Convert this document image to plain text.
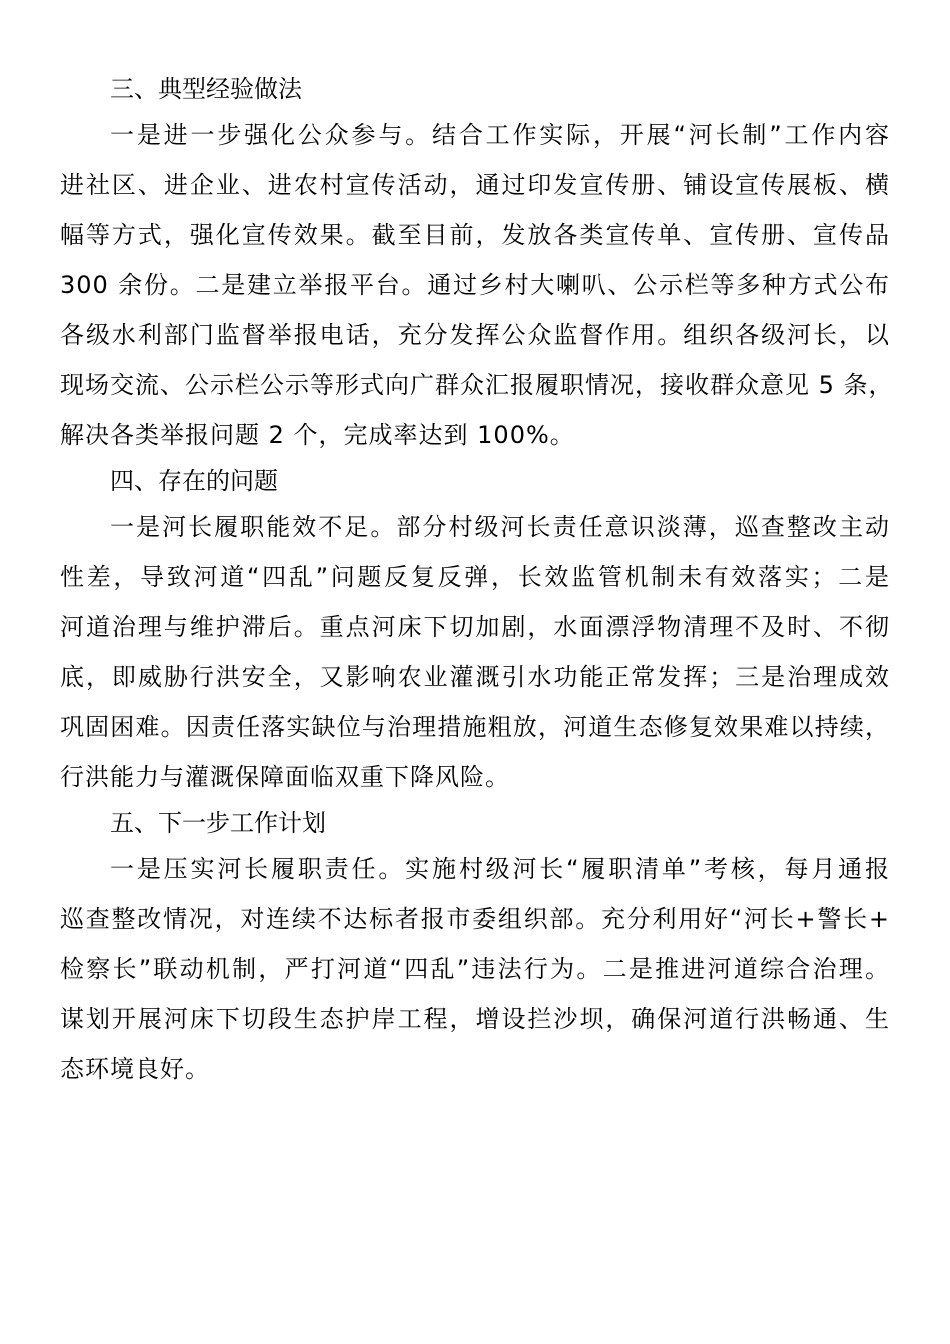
三、典型经验做法

一是进一步强化公众参与。结合工作实际，开展“河长制”工作内容
进社区、进企业、进农村宣传活动，通过印发宣传册、铺设宣传展板、横
幅等方式，强化宣传效果。截至目前，发放各类宣传单、宣传册、宣传品
300 余份。二是建立举报平台。通过乡村大喇叭、公示栏等多种方式公布
各级水利部门监督举报电话，充分发挥公众监督作用。组织各级河长，以
现场交流、公示栏公示等形式向广群众汇报履职情况，接收群众意见 5 条，
解决各类举报问题 2 个，完成率达到 100%。

四、存在的问题

一是河长履职能效不足。部分村级河长责任意识淡薄，巡查整改主动
性差，导致河道“四乱”问题反复反弹，长效监管机制未有效落实；二是
河道治理与维护滞后。重点河床下切加剧，水面漂浮物清理不及时、不彻
底，即威胁行洪安全，又影响农业灌溉引水功能正常发挥；三是治理成效
巩固困难。因责任落实缺位与治理措施粗放，河道生态修复效果难以持续，
行洪能力与灌溉保障面临双重下降风险。

五、下一步工作计划

一是压实河长履职责任。实施村级河长“履职清单”考核，每月通报
巡查整改情况，对连续不达标者报市委组织部。充分利用好“河长+警长+
检察长”联动机制，严打河道“四乱”违法行为。二是推进河道综合治理。
谋划开展河床下切段生态护岸工程，增设拦沙坝，确保河道行洪畅通、生
态环境良好。
